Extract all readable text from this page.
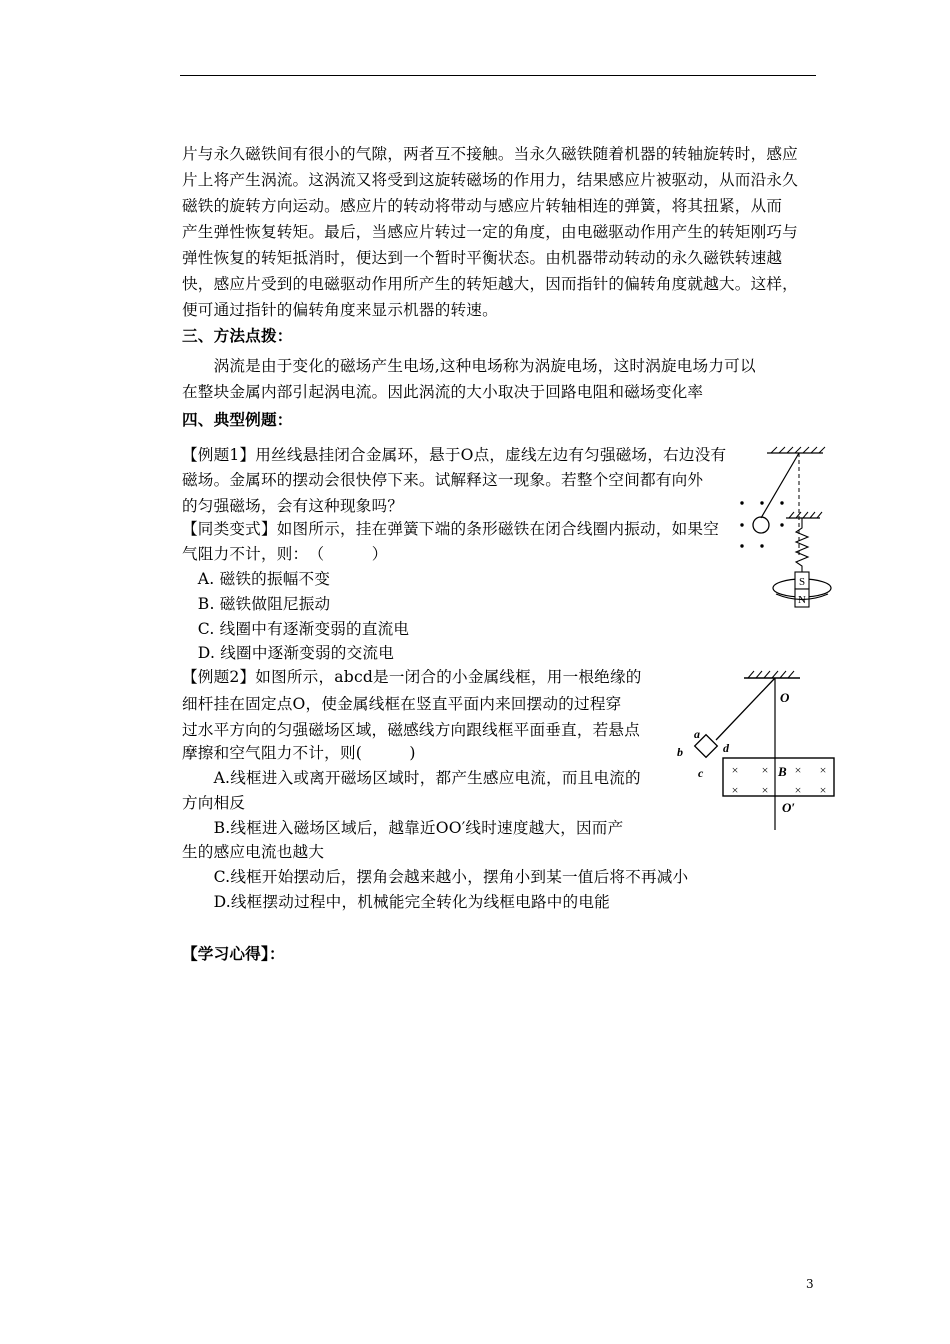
片与永久磁铁间有很小的气隙，两者互不接触。当永久磁铁随着机器的转轴旋转时，感应
片上将产生涡流。这涡流又将受到这旋转磁场的作用力，结果感应片被驱动，从而沿永久
磁铁的旋转方向运动。感应片的转动将带动与感应片转轴相连的弹簧，将其扭紧，从而
产生弹性恢复转矩。最后，当感应片转过一定的角度，由电磁驱动作用产生的转矩刚巧与
弹性恢复的转矩抵消时，便达到一个暂时平衡状态。由机器带动转动的永久磁铁转速越
快，感应片受到的电磁驱动作用所产生的转矩越大，因而指针的偏转角度就越大。这样，
便可通过指针的偏转角度来显示机器的转速。
三、方法点拨：
　　涡流是由于变化的磁场产生电场,这种电场称为涡旋电场，这时涡旋电场力可以
在整块金属内部引起涡电流。因此涡流的大小取决于回路电阻和磁场变化率
四、典型例题：
【例题1】用丝线悬挂闭合金属环，悬于O点，虚线左边有匀强磁场，右边没有
磁场。金属环的摆动会很快停下来。试解释这一现象。若整个空间都有向外
的匀强磁场，会有这种现象吗？
【同类变式】如图所示，挂在弹簧下端的条形磁铁在闭合线圈内振动，如果空
气阻力不计，则：　（　　　）
　A. 磁铁的振幅不变
　B. 磁铁做阻尼振动
　C. 线圈中有逐渐变弱的直流电
　D. 线圈中逐渐变弱的交流电
【例题2】如图所示，abcd是一闭合的小金属线框，用一根绝缘的
细杆挂在固定点O，使金属线框在竖直平面内来回摆动的过程穿
过水平方向的匀强磁场区域，磁感线方向跟线框平面垂直，若悬点
摩擦和空气阻力不计，则(　　　)
　　A.线框进入或离开磁场区域时，都产生感应电流，而且电流的
方向相反
　　B.线框进入磁场区域后，越靠近OO′线时速度越大，因而产
生的感应电流也越大
　　C.线框开始摆动后，摆角会越来越小，摆角小到某一值后将不再减小
　　D.线框摆动过程中，机械能完全转化为线框电路中的电能
【学习心得】：
S
N
O
a
b
c
d
B
O′
× × × ×
× × × ×
3
